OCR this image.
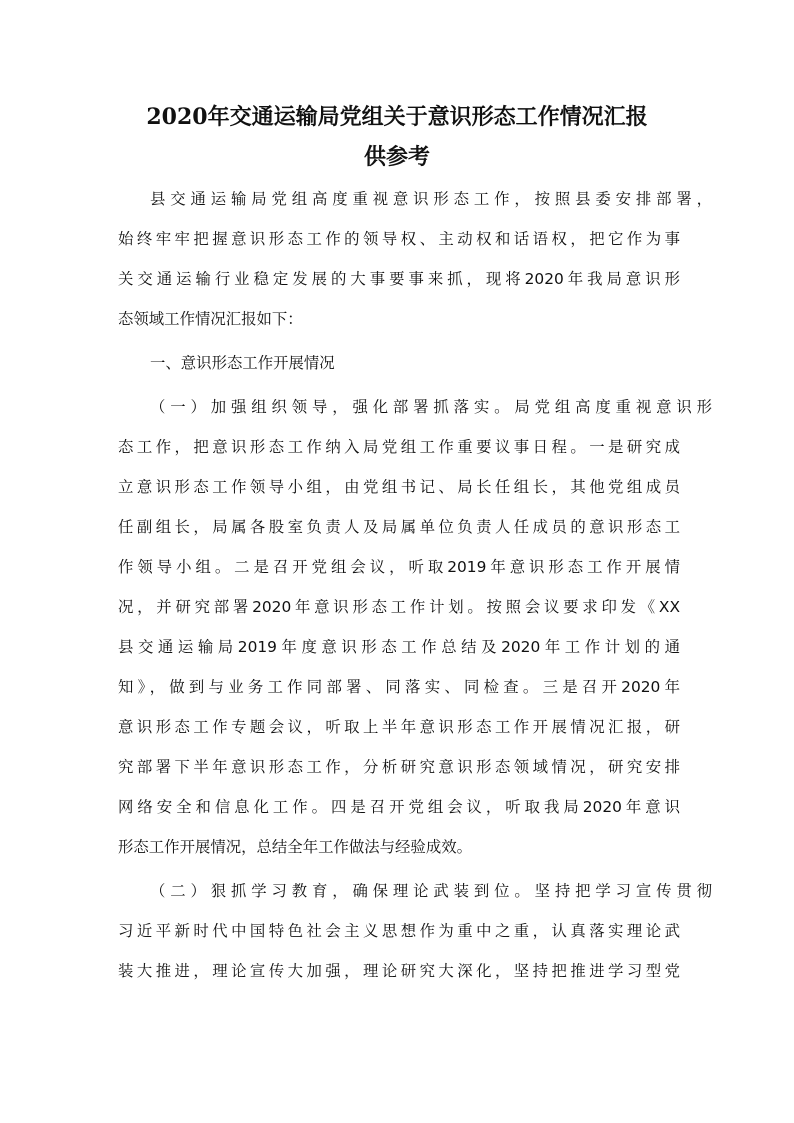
2020年交通运输局党组关于意识形态工作情况汇报
供参考

县交通运输局党组高度重视意识形态工作，按照县委安排部署，

始终牢牢把握意识形态工作的领导权、主动权和话语权，把它作为事

关交通运输行业稳定发展的大事要事来抓，现将2020年我局意识形

态领域工作情况汇报如下：

一、意识形态工作开展情况

（一）加强组织领导，强化部署抓落实。局党组高度重视意识形

态工作，把意识形态工作纳入局党组工作重要议事日程。一是研究成

立意识形态工作领导小组，由党组书记、局长任组长，其他党组成员

任副组长，局属各股室负责人及局属单位负责人任成员的意识形态工

作领导小组。二是召开党组会议，听取2019年意识形态工作开展情

况，并研究部署2020年意识形态工作计划。按照会议要求印发《XX

县交通运输局2019年度意识形态工作总结及2020年工作计划的通

知》，做到与业务工作同部署、同落实、同检查。三是召开2020年

意识形态工作专题会议，听取上半年意识形态工作开展情况汇报，研

究部署下半年意识形态工作，分析研究意识形态领域情况，研究安排

网络安全和信息化工作。四是召开党组会议，听取我局2020年意识

形态工作开展情况，总结全年工作做法与经验成效。

（二）狠抓学习教育，确保理论武装到位。坚持把学习宣传贯彻

习近平新时代中国特色社会主义思想作为重中之重，认真落实理论武

装大推进，理论宣传大加强，理论研究大深化，坚持把推进学习型党
